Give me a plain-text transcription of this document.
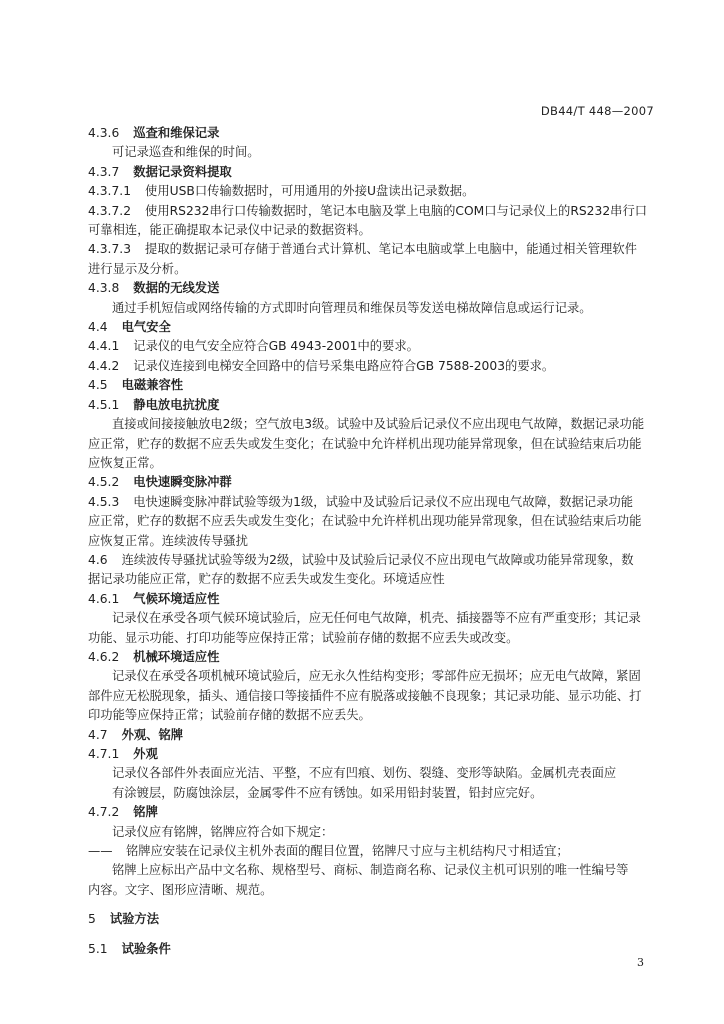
DB44/T 448—2007
4.3.6 巡查和维保记录
可记录巡查和维保的时间。
4.3.7 数据记录资料提取
4.3.7.1 使用USB口传输数据时，可用通用的外接U盘读出记录数据。
4.3.7.2 使用RS232串行口传输数据时，笔记本电脑及掌上电脑的COM口与记录仪上的RS232串行口
可靠相连，能正确提取本记录仪中记录的数据资料。
4.3.7.3 提取的数据记录可存储于普通台式计算机、笔记本电脑或掌上电脑中，能通过相关管理软件
进行显示及分析。
4.3.8 数据的无线发送
通过手机短信或网络传输的方式即时向管理员和维保员等发送电梯故障信息或运行记录。
4.4 电气安全
4.4.1 记录仪的电气安全应符合GB 4943-2001中的要求。
4.4.2 记录仪连接到电梯安全回路中的信号采集电路应符合GB 7588-2003的要求。
4.5 电磁兼容性
4.5.1 静电放电抗扰度
直接或间接接触放电2级；空气放电3级。试验中及试验后记录仪不应出现电气故障，数据记录功能
应正常，贮存的数据不应丢失或发生变化；在试验中允许样机出现功能异常现象，但在试验结束后功能
应恢复正常。
4.5.2 电快速瞬变脉冲群
4.5.3 电快速瞬变脉冲群试验等级为1级，试验中及试验后记录仪不应出现电气故障，数据记录功能
应正常，贮存的数据不应丢失或发生变化；在试验中允许样机出现功能异常现象，但在试验结束后功能
应恢复正常。连续波传导骚扰
4.6 连续波传导骚扰试验等级为2级，试验中及试验后记录仪不应出现电气故障或功能异常现象，数
据记录功能应正常，贮存的数据不应丢失或发生变化。环境适应性
4.6.1 气候环境适应性
记录仪在承受各项气候环境试验后，应无任何电气故障，机壳、插接器等不应有严重变形；其记录
功能、显示功能、打印功能等应保持正常；试验前存储的数据不应丢失或改变。
4.6.2 机械环境适应性
记录仪在承受各项机械环境试验后，应无永久性结构变形；零部件应无损坏；应无电气故障，紧固
部件应无松脱现象，插头、通信接口等接插件不应有脱落或接触不良现象；其记录功能、显示功能、打
印功能等应保持正常；试验前存储的数据不应丢失。
4.7 外观、铭牌
4.7.1 外观
记录仪各部件外表面应光洁、平整，不应有凹痕、划伤、裂缝、变形等缺陷。金属机壳表面应
有涂镀层，防腐蚀涂层，金属零件不应有锈蚀。如采用铅封装置，铅封应完好。
4.7.2 铭牌
记录仪应有铭牌，铭牌应符合如下规定：
—— 铭牌应安装在记录仪主机外表面的醒目位置，铭牌尺寸应与主机结构尺寸相适宜；
铭牌上应标出产品中文名称、规格型号、商标、制造商名称、记录仪主机可识别的唯一性编号等
内容。文字、图形应清晰、规范。
5 试验方法
5.1 试验条件
3
